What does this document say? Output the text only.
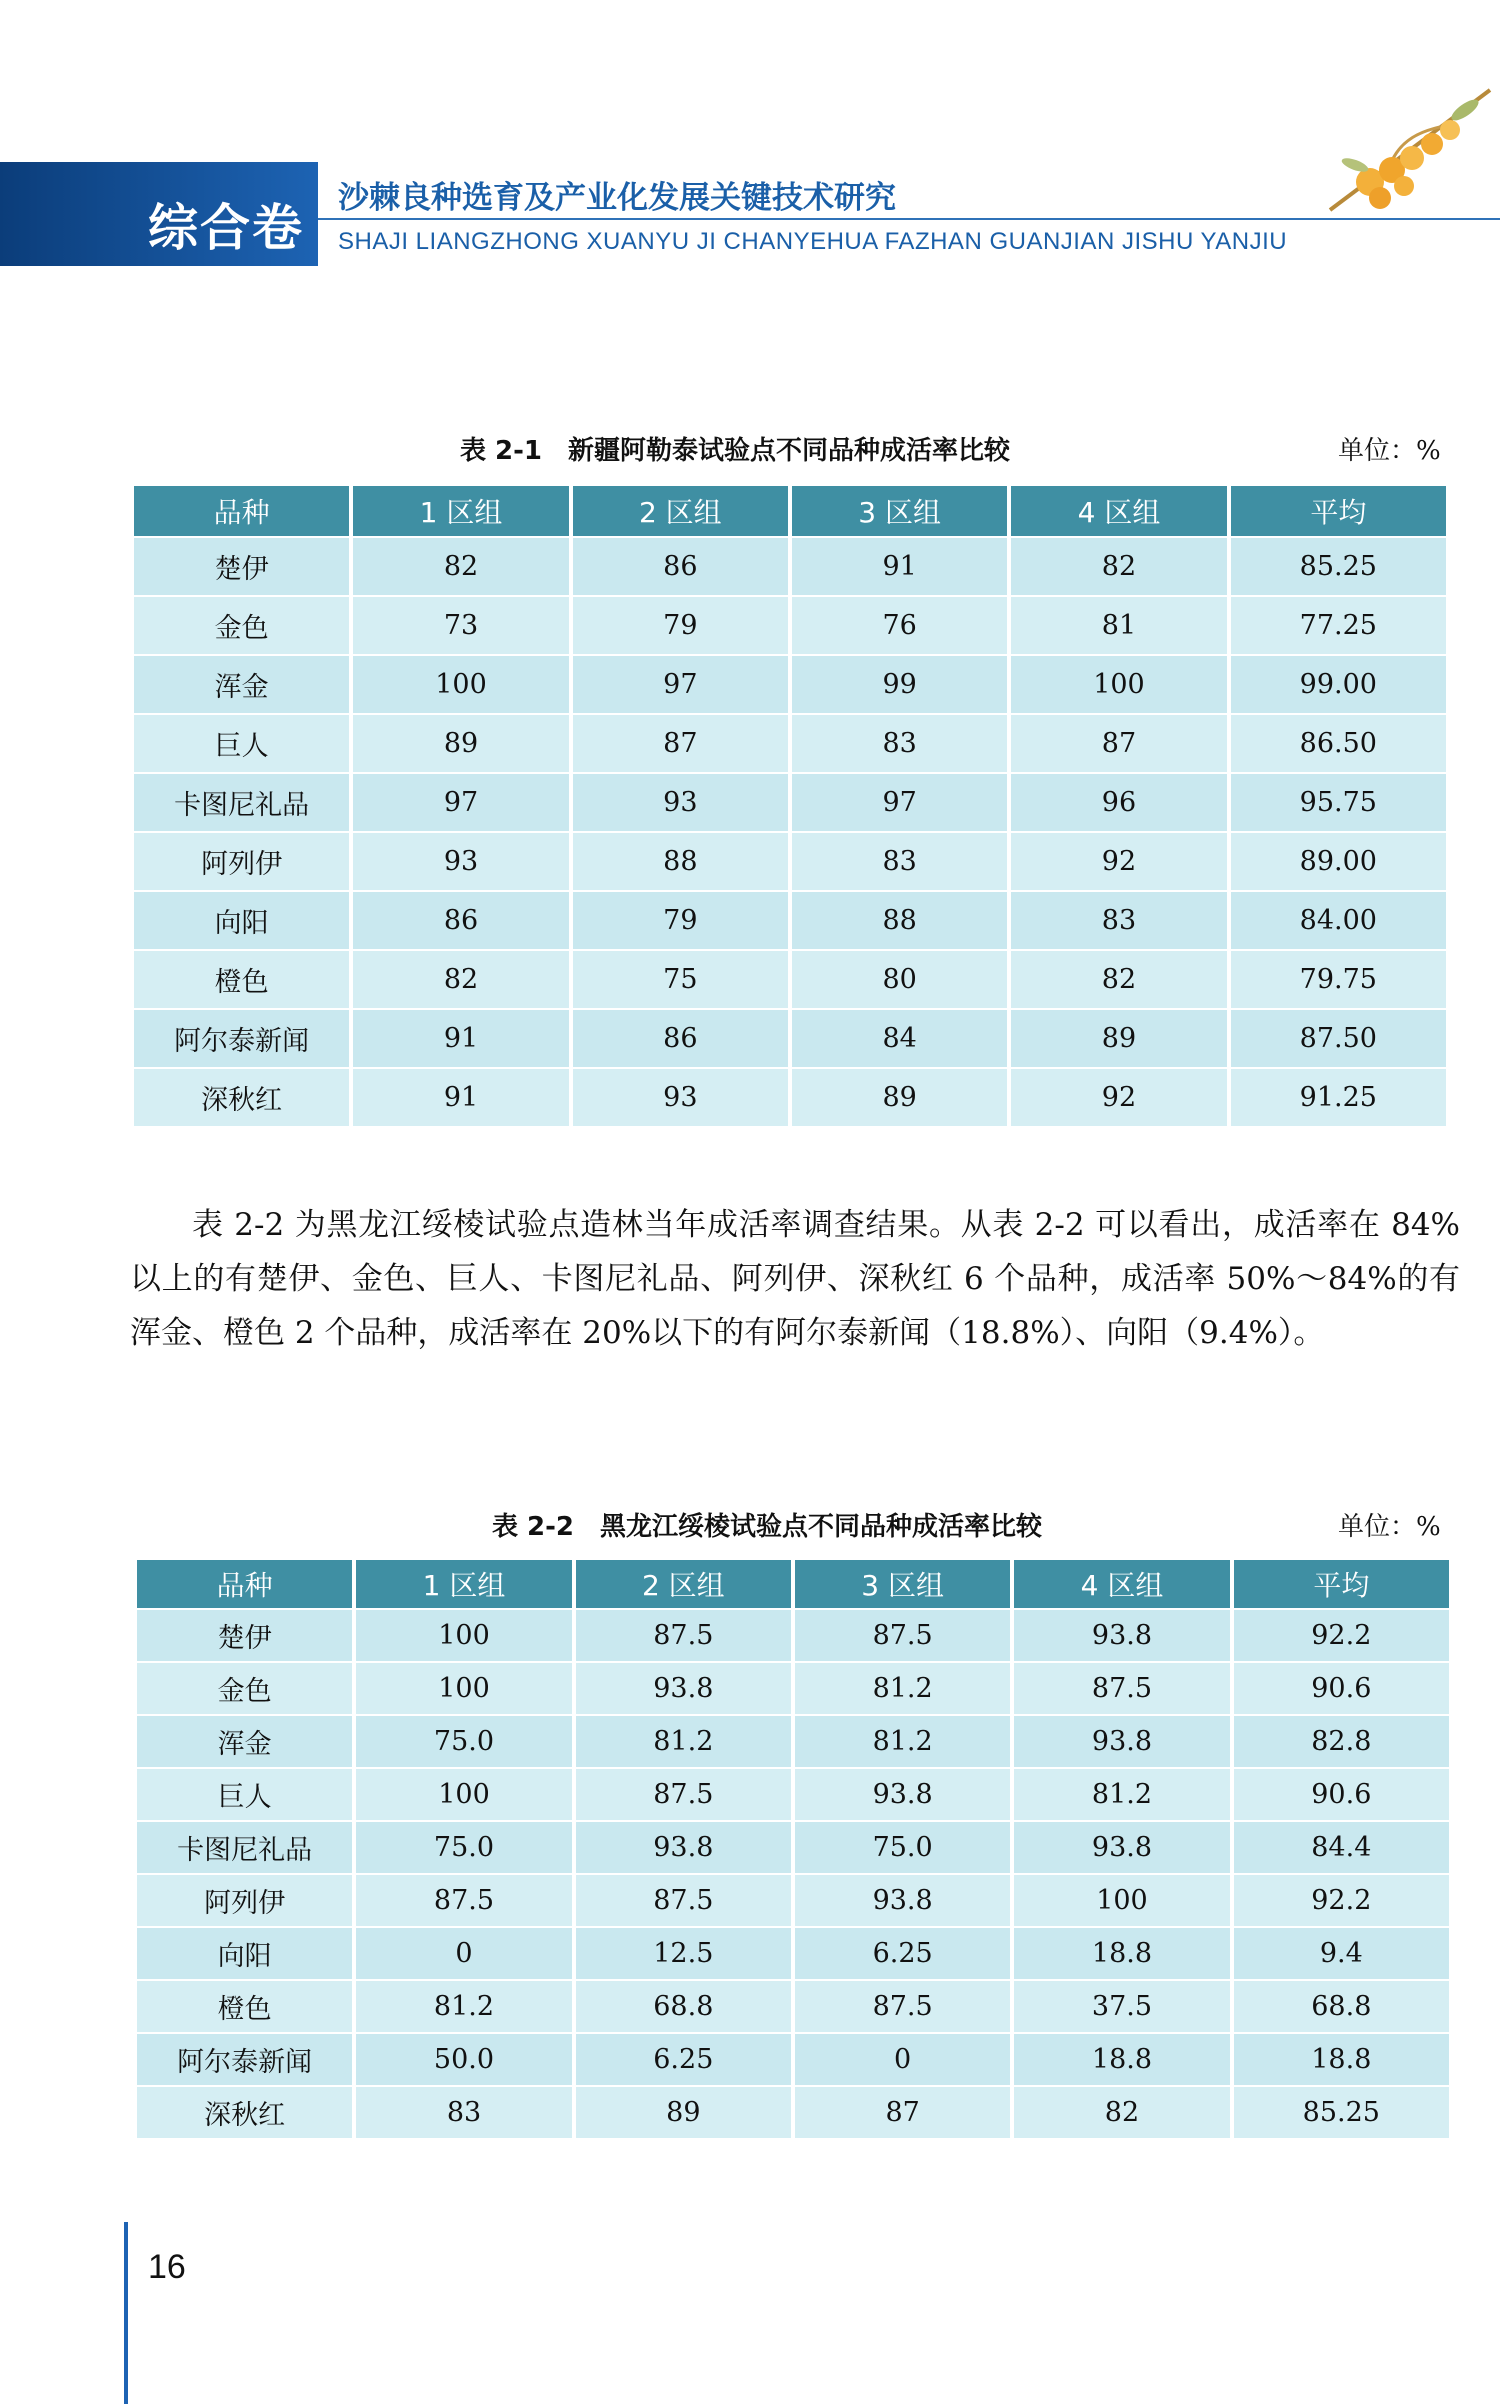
综合卷
沙棘良种选育及产业化发展关键技术研究
SHAJI LIANGZHONG XUANYU JI CHANYEHUA FAZHAN GUANJIAN JISHU YANJIU
表 2-1　新疆阿勒泰试验点不同品种成活率比较	单位：%
品种	1 区组	2 区组	3 区组	4 区组	平均
楚伊	82	86	91	82	85.25
金色	73	79	76	81	77.25
浑金	100	97	99	100	99.00
巨人	89	87	83	87	86.50
卡图尼礼品	97	93	97	96	95.75
阿列伊	93	88	83	92	89.00
向阳	86	79	88	83	84.00
橙色	82	75	80	82	79.75
阿尔泰新闻	91	86	84	89	87.50
深秋红	91	93	89	92	91.25
表 2-2 为黑龙江绥棱试验点造林当年成活率调查结果。从表 2-2 可以看出，成活率在 84%以上的有楚伊、金色、巨人、卡图尼礼品、阿列伊、深秋红 6 个品种，成活率 50%～84%的有浑金、橙色 2 个品种，成活率在 20%以下的有阿尔泰新闻（18.8%）、向阳（9.4%）。
表 2-2　黑龙江绥棱试验点不同品种成活率比较	单位：%
品种	1 区组	2 区组	3 区组	4 区组	平均
楚伊	100	87.5	87.5	93.8	92.2
金色	100	93.8	81.2	87.5	90.6
浑金	75.0	81.2	81.2	93.8	82.8
巨人	100	87.5	93.8	81.2	90.6
卡图尼礼品	75.0	93.8	75.0	93.8	84.4
阿列伊	87.5	87.5	93.8	100	92.2
向阳	0	12.5	6.25	18.8	9.4
橙色	81.2	68.8	87.5	37.5	68.8
阿尔泰新闻	50.0	6.25	0	18.8	18.8
深秋红	83	89	87	82	85.25
16
